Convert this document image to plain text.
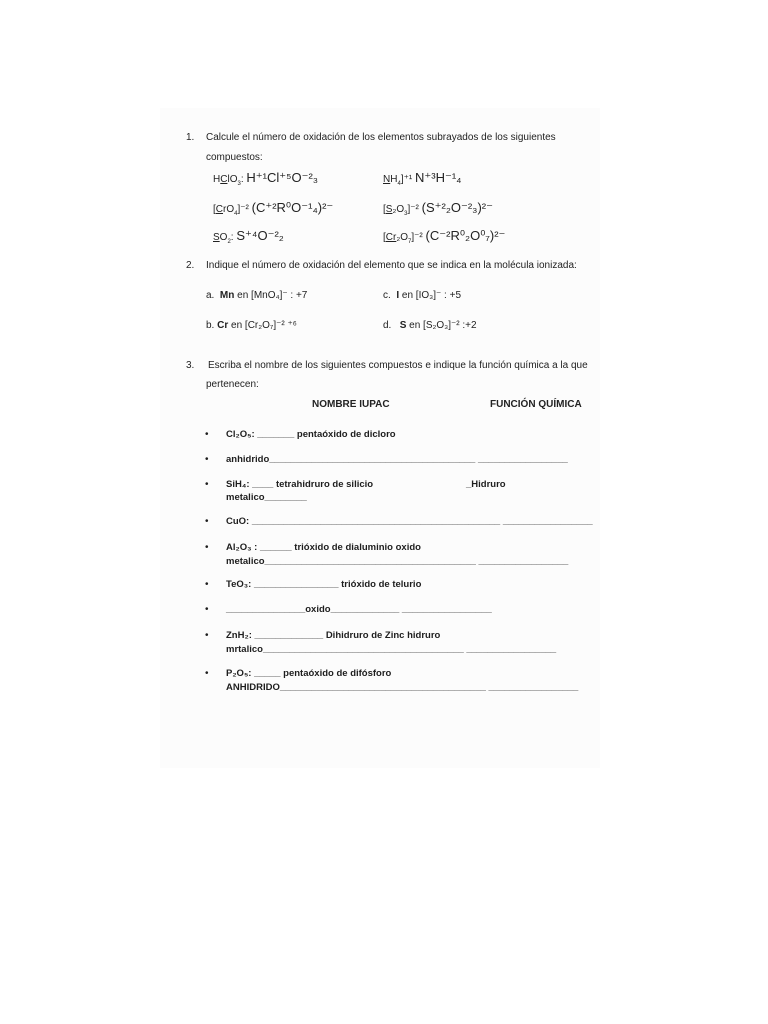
1. Calcule el número de oxidación de los elementos subrayados de los siguientes
compuestos:
HClO$_3$: H⁺¹Cl⁺⁵O⁻²₃	$NH_4]^{+1}$ N⁺³H⁻¹₄
[CrO$_4$]⁻² (C⁺²R⁰O⁻¹₄)²⁻	$[S_2O_3]^{-2}$ (S⁺²₂O⁻²₃)²⁻
$SO_2$: S⁺⁴O⁻²₂	$[Cr_2O_7]^{-2}$ (C⁻²R⁰₂O⁰₇)²⁻
2. Indique el número de oxidación del elemento que se indica en la molécula ionizada:
a. Mn en [MnO₄]⁻ : +7	c. I en [IO₃]⁻ : +5
b. Cr en [Cr₂O₇]⁻² ⁺⁶	d. S en [S₂O₃]⁻² :+2
3. Escriba el nombre de los siguientes compuestos e indique la función química a la que
pertenecen:
NOMBRE IUPAC	FUNCIÓN QUÍMICA
• Cl₂O₅: _______ pentaóxido de dicloro
• anhidrido_______________________________________ _________________
• SiH₄: ____ tetrahidruro de silicio	_Hidruro
metalico________
• CuO: _______________________________________________ _________________
• Al₂O₃ : ______ trióxido de dialuminio oxido
metalico________________________________________ _________________
• TeO₃: ________________ trióxido de telurio
• _______________oxido_____________ _________________
• ZnH₂: _____________ Dihidruro de Zinc hidruro
mrtalico______________________________________ _________________
• P₂O₅: _____ pentaóxido de difósforo
ANHIDRIDO_______________________________________ _________________
